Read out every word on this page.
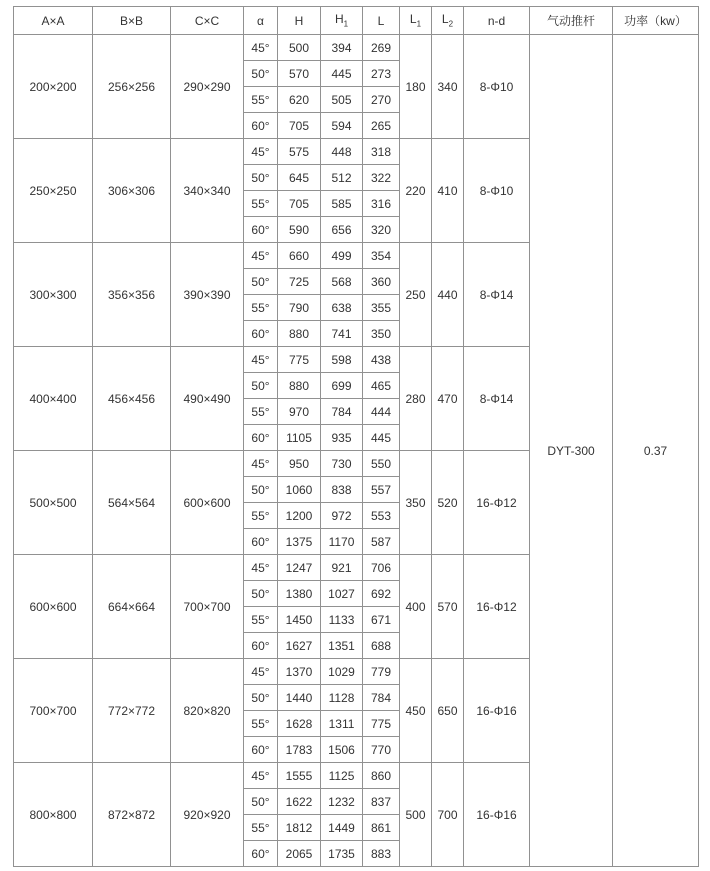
A×A	B×B	C×C	α	H	$H_1$	L	$L_1$	$L_2$	n-d	气动推杆	功率（kw）
200×200	256×256	290×290	45°	500	394	269	180	340	8-Φ10	DYT-300	0.37
			50°	570	445	273					
			55°	620	505	270					
			60°	705	594	265					
250×250	306×306	340×340	45°	575	448	318	220	410	8-Φ10		
			50°	645	512	322					
			55°	705	585	316					
			60°	590	656	320					
300×300	356×356	390×390	45°	660	499	354	250	440	8-Φ14		
			50°	725	568	360					
			55°	790	638	355					
			60°	880	741	350					
400×400	456×456	490×490	45°	775	598	438	280	470	8-Φ14		
			50°	880	699	465					
			55°	970	784	444					
			60°	1105	935	445					
500×500	564×564	600×600	45°	950	730	550	350	520	16-Φ12		
			50°	1060	838	557					
			55°	1200	972	553					
			60°	1375	1170	587					
600×600	664×664	700×700	45°	1247	921	706	400	570	16-Φ12		
			50°	1380	1027	692					
			55°	1450	1133	671					
			60°	1627	1351	688					
700×700	772×772	820×820	45°	1370	1029	779	450	650	16-Φ16		
			50°	1440	1128	784					
			55°	1628	1311	775					
			60°	1783	1506	770					
800×800	872×872	920×920	45°	1555	1125	860	500	700	16-Φ16		
			50°	1622	1232	837					
			55°	1812	1449	861					
			60°	2065	1735	883					
